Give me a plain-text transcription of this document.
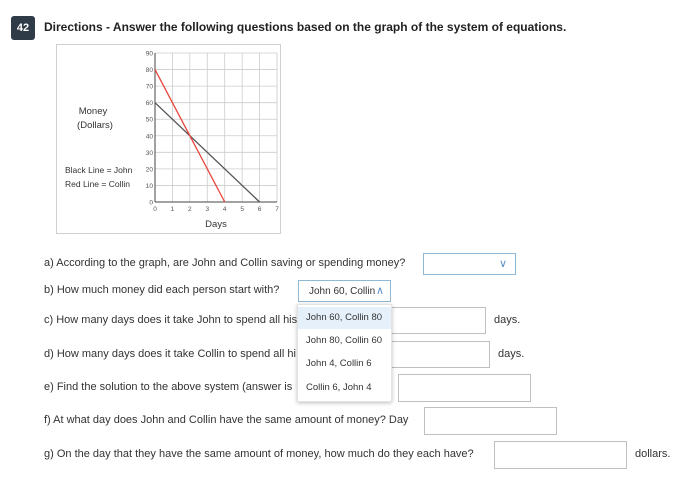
42	Directions - Answer the following questions based on the graph of the system of equations.
Money
(Dollars)
Black Line = John
Red Line = Collin
Days
90
80
70
60
50
40
30
20
10
0
0 1 2 3 4 5 6 7
a) According to the graph, are John and Collin saving or spending money?	∨
b) How much money did each person start with?	John 60, Collin ∧
c) How many days does it take John to spend all his	days.
d) How many days does it take Collin to spend all hi	days.
e) Find the solution to the above system (answer is
f) At what day does John and Collin have the same amount of money? Day
g) On the day that they have the same amount of money, how much do they each have?	dollars.
John 60, Collin 80
John 80, Collin 60
John 4, Collin 6
Collin 6, John 4
